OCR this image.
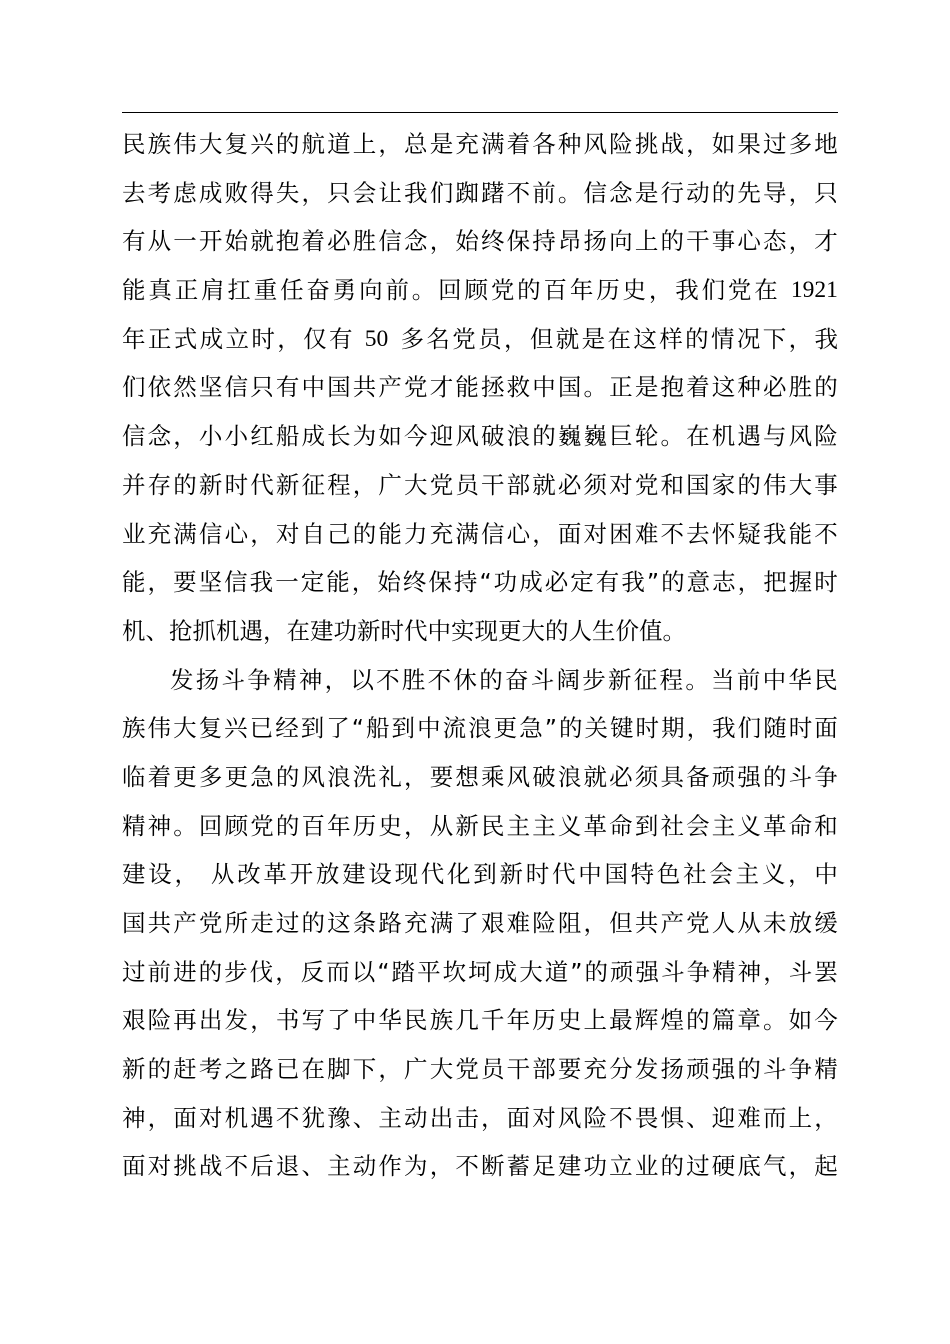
民 族 伟 大 复 兴 的 航 道 上 ， 总 是 充 满 着 各 种 风 险 挑 战 ， 如 果 过 多 地
去 考 虑 成 败 得 失 ， 只 会 让 我 们 踟 躇 不 前 。 信 念 是 行 动 的 先 导 ， 只
有 从 一 开 始 就 抱 着 必 胜 信 念 ， 始 终 保 持 昂 扬 向 上 的 干 事 心 态 ， 才
能 真 正 肩 扛 重 任 奋 勇 向 前 。 回 顾 党 的 百 年 历 史 ， 我 们 党 在
1921
年 正 式 成 立 时 ， 仅 有
50
多 名 党 员 ， 但 就 是 在 这 样 的 情 况 下 ， 我
们 依 然 坚 信 只 有 中 国 共 产 党 才 能 拯 救 中 国 。 正 是 抱 着 这 种 必 胜 的
信 念 ， 小 小 红 船 成 长 为 如 今 迎 风 破 浪 的 巍 巍 巨 轮 。 在 机 遇 与 风 险
并 存 的 新 时 代 新 征 程 ， 广 大 党 员 干 部 就 必 须 对 党 和 国 家 的 伟 大 事
业 充 满 信 心 ， 对 自 己 的 能 力 充 满 信 心 ， 面 对 困 难 不 去 怀 疑 我 能 不
能 ， 要 坚 信 我 一 定 能 ， 始 终 保 持 “ 功 成 必 定 有 我 ” 的 意 志 ， 把 握 时
机 、 抢 抓 机 遇 ， 在 建 功 新 时 代 中 实 现 更 大 的 人 生 价 值 。
发 扬 斗 争 精 神 ， 以 不 胜 不 休 的 奋 斗 阔 步 新 征 程 。 当 前 中 华 民
族 伟 大 复 兴 已 经 到 了 “ 船 到 中 流 浪 更 急 ” 的 关 键 时 期 ， 我 们 随 时 面
临 着 更 多 更 急 的 风 浪 洗 礼 ， 要 想 乘 风 破 浪 就 必 须 具 备 顽 强 的 斗 争
精 神 。 回 顾 党 的 百 年 历 史 ， 从 新 民 主 主 义 革 命 到 社 会 主 义 革 命 和
建 设 ，
从 改 革 开 放 建 设 现 代 化 到 新 时 代 中 国 特 色 社 会 主 义 ， 中
国 共 产 党 所 走 过 的 这 条 路 充 满 了 艰 难 险 阻 ， 但 共 产 党 人 从 未 放 缓
过 前 进 的 步 伐 ， 反 而 以 “ 踏 平 坎 坷 成 大 道 ” 的 顽 强 斗 争 精 神 ， 斗 罢
艰 险 再 出 发 ， 书 写 了 中 华 民 族 几 千 年 历 史 上 最 辉 煌 的 篇 章 。 如 今
新 的 赶 考 之 路 已 在 脚 下 ， 广 大 党 员 干 部 要 充 分 发 扬 顽 强 的 斗 争 精
神 ， 面 对 机 遇 不 犹 豫 、 主 动 出 击 ， 面 对 风 险 不 畏 惧 、 迎 难 而 上 ，
面 对 挑 战 不 后 退 、 主 动 作 为 ， 不 断 蓄 足 建 功 立 业 的 过 硬 底 气 ， 起
